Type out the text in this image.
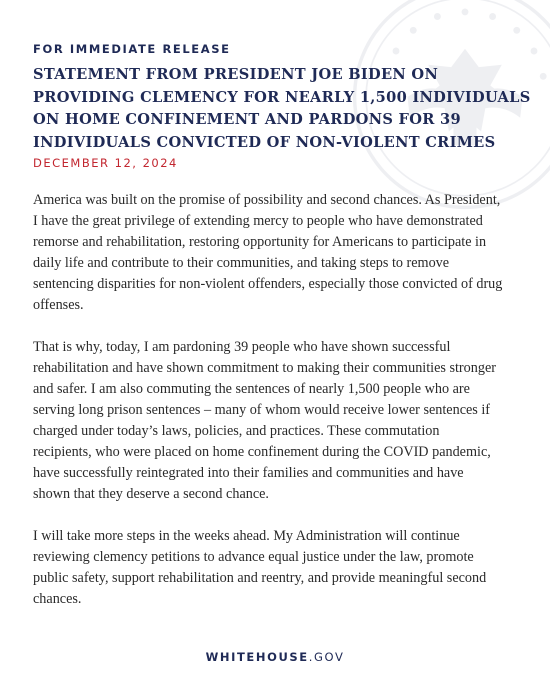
FOR IMMEDIATE RELEASE
STATEMENT FROM PRESIDENT JOE BIDEN ON
PROVIDING CLEMENCY FOR NEARLY 1,500 INDIVIDUALS
ON HOME CONFINEMENT AND PARDONS FOR 39
INDIVIDUALS CONVICTED OF NON-VIOLENT CRIMES
DECEMBER 12, 2024

America was built on the promise of possibility and second chances. As President,
I have the great privilege of extending mercy to people who have demonstrated
remorse and rehabilitation, restoring opportunity for Americans to participate in
daily life and contribute to their communities, and taking steps to remove
sentencing disparities for non-violent offenders, especially those convicted of drug
offenses.

That is why, today, I am pardoning 39 people who have shown successful
rehabilitation and have shown commitment to making their communities stronger
and safer. I am also commuting the sentences of nearly 1,500 people who are
serving long prison sentences – many of whom would receive lower sentences if
charged under today’s laws, policies, and practices. These commutation
recipients, who were placed on home confinement during the COVID pandemic,
have successfully reintegrated into their families and communities and have
shown that they deserve a second chance.

I will take more steps in the weeks ahead. My Administration will continue
reviewing clemency petitions to advance equal justice under the law, promote
public safety, support rehabilitation and reentry, and provide meaningful second
chances.

WHITEHOUSE.GOV
